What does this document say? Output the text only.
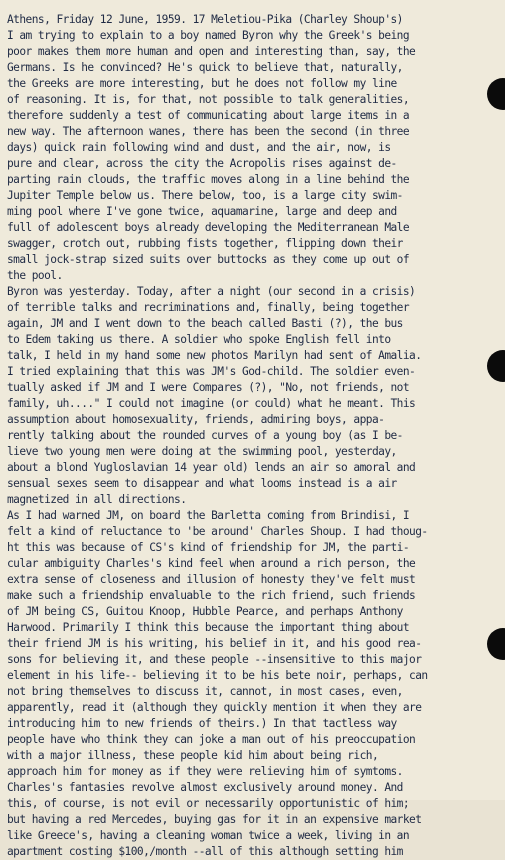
Athens, Friday 12 June, 1959. 17 Meletiou-Pika (Charley Shoup's)
I am trying to explain to a boy named Byron why the Greek's being
poor makes them more human and open and interesting than, say, the
Germans. Is he convinced? He's quick to believe that, naturally,
the Greeks are more interesting, but he does not follow my line
of reasoning. It is, for that, not possible to talk generalities,
therefore suddenly a test of communicating about large items in a
new way. The afternoon wanes, there has been the second (in three
days) quick rain following wind and dust, and the air, now, is
pure and clear, across the city the Acropolis rises against de-
parting rain clouds, the traffic moves along in a line behind the
Jupiter Temple below us. There below, too, is a large city swim-
ming pool where I've gone twice, aquamarine, large and deep and
full of adolescent boys already developing the Mediterranean Male
swagger, crotch out, rubbing fists together, flipping down their
small jock-strap sized suits over buttocks as they come up out of
the pool.
Byron was yesterday. Today, after a night (our second in a crisis)
of terrible talks and recriminations and, finally, being together
again, JM and I went down to the beach called Basti (?), the bus
to Edem taking us there. A soldier who spoke English fell into
talk, I held in my hand some new photos Marilyn had sent of Amalia.
I tried explaining that this was JM's God-child. The soldier even-
tually asked if JM and I were Compares (?), "No, not friends, not
family, uh...." I could not imagine (or could) what he meant. This
assumption about homosexuality, friends, admiring boys, appa-
rently talking about the rounded curves of a young boy (as I be-
lieve two young men were doing at the swimming pool, yesterday,
about a blond Yugloslavian 14 year old) lends an air so amoral and
sensual sexes seem to disappear and what looms instead is a air
magnetized in all directions.
As I had warned JM, on board the Barletta coming from Brindisi, I
felt a kind of reluctance to 'be around' Charles Shoup. I had thoug-
ht this was because of CS's kind of friendship for JM, the parti-
cular ambiguity Charles's kind feel when around a rich person, the
extra sense of closeness and illusion of honesty they've felt must
make such a friendship envaluable to the rich friend, such friends
of JM being CS, Guitou Knoop, Hubble Pearce, and perhaps Anthony
Harwood. Primarily I think this because the important thing about
their friend JM is his writing, his belief in it, and his good rea-
sons for believing it, and these people --insensitive to this major
element in his life-- believing it to be his bete noir, perhaps, can
not bring themselves to discuss it, cannot, in most cases, even,
apparently, read it (although they quickly mention it when they are
introducing him to new friends of theirs.) In that tactless way
people have who think they can joke a man out of his preoccupation
with a major illness, these people kid him about being rich,
approach him for money as if they were relieving him of symtoms.
Charles's fantasies revolve almost exclusively around money. And
this, of course, is not evil or necessarily opportunistic of him;
but having a red Mercedes, buying gas for it in an expensive market
like Greece's, having a cleaning woman twice a week, living in an
apartment costing $100,/month --all of this although setting him
